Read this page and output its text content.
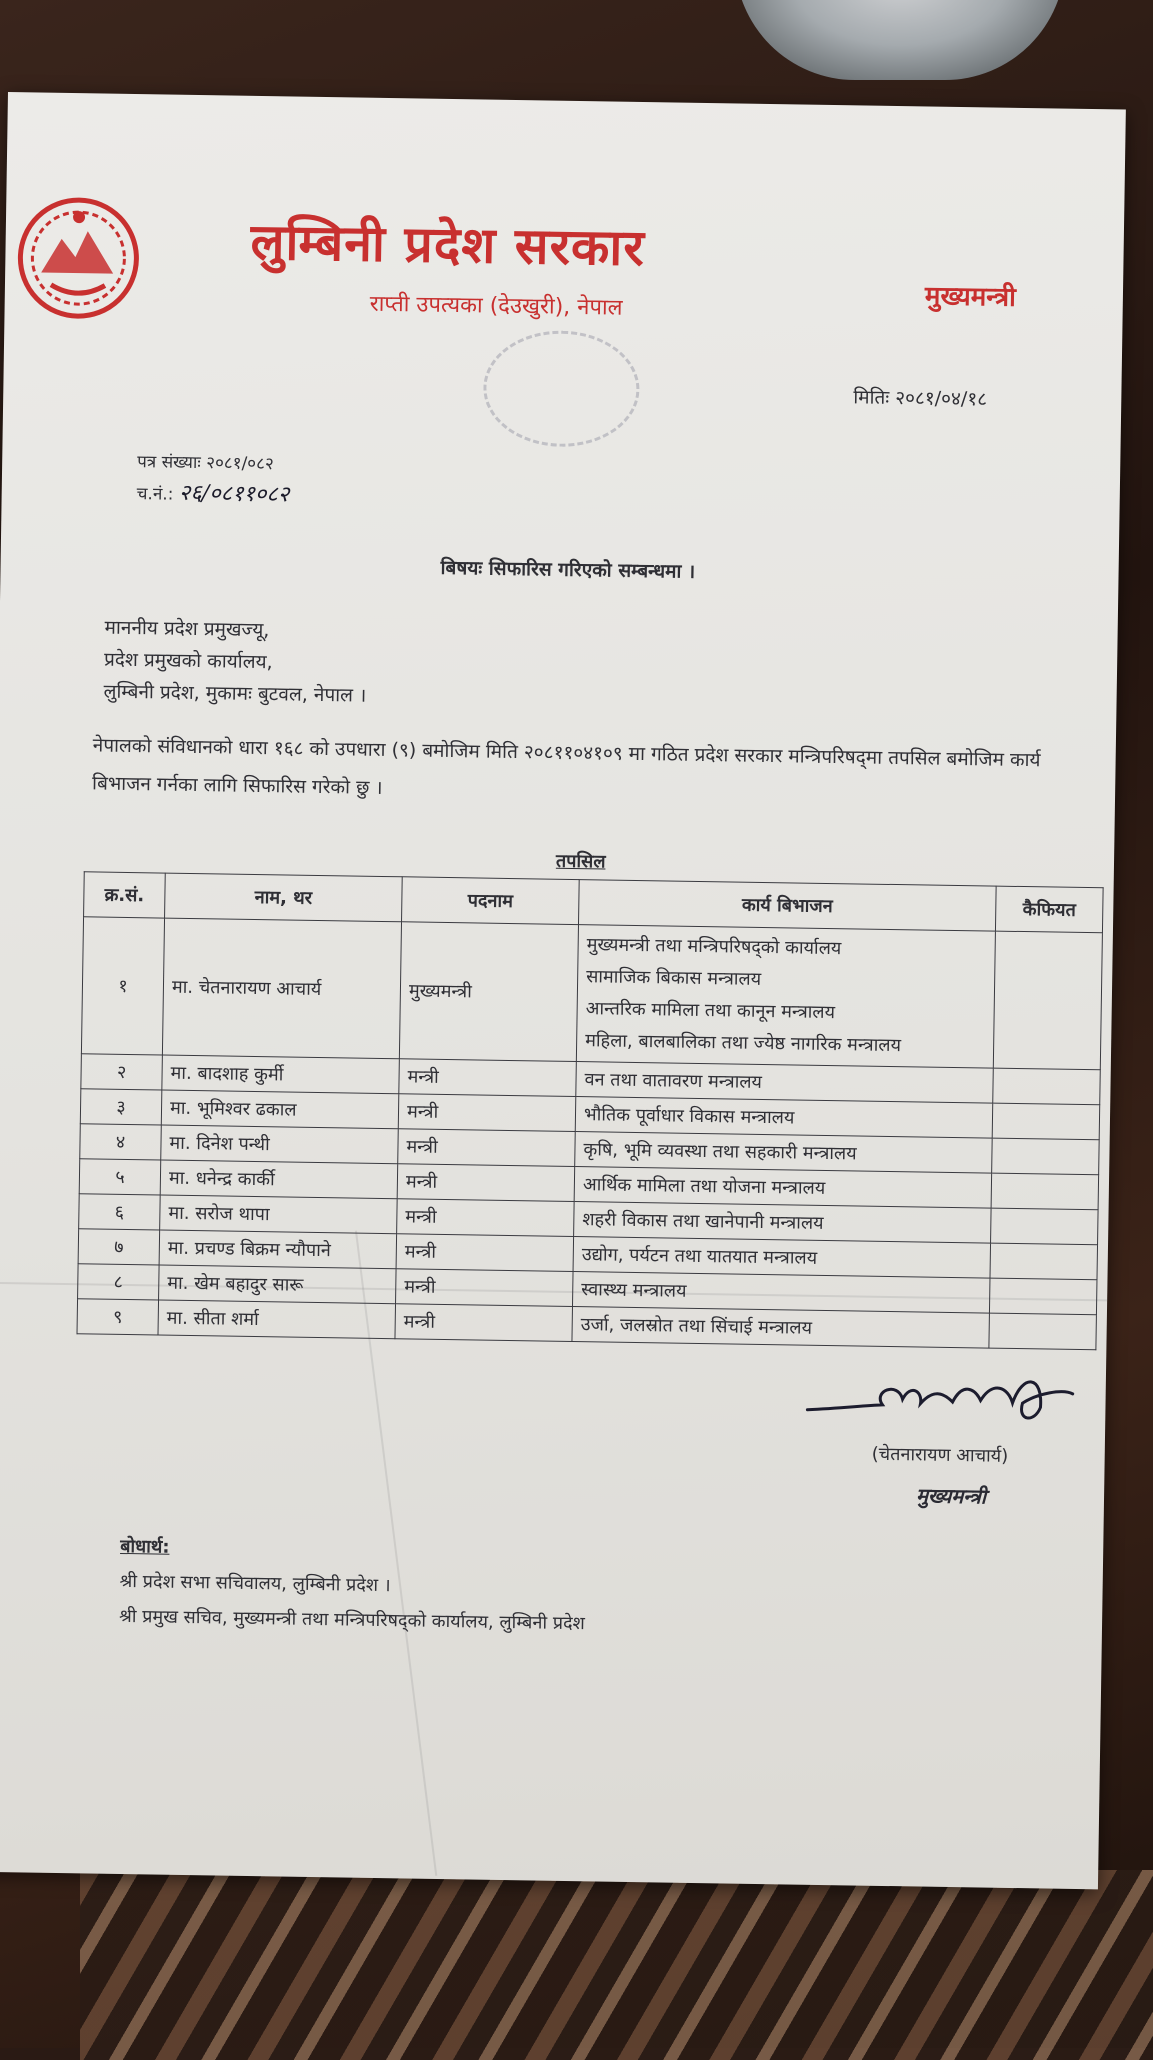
लुम्बिनी प्रदेश सरकार
राप्ती उपत्यका (देउखुरी), नेपाल	मुख्यमन्त्री
मितिः २०८१/०४/१८
पत्र संख्याः २०८१/०८२
च.नं.: २६/०८११०८२
बिषयः सिफारिस गरिएको सम्बन्धमा ।
माननीय प्रदेश प्रमुखज्यू,
प्रदेश प्रमुखको कार्यालय,
लुम्बिनी प्रदेश, मुकामः बुटवल, नेपाल ।
नेपालको संविधानको धारा १६८ को उपधारा (९) बमोजिम मिति २०८११०४१०९ मा गठित प्रदेश सरकार मन्त्रिपरिषद्‌मा तपसिल बमोजिम कार्य बिभाजन गर्नका लागि सिफारिस गरेको छु ।
तपसिल
क्र.सं.	नाम, थर	पदनाम	कार्य बिभाजन	कैफियत
१	मा. चेतनारायण आचार्य	मुख्यमन्त्री	मुख्यमन्त्री तथा मन्त्रिपरिषद्‌को कार्यालय
सामाजिक बिकास मन्त्रालय
आन्तरिक मामिला तथा कानून मन्त्रालय
महिला, बालबालिका तथा ज्येष्ठ नागरिक मन्त्रालय	

२	मा. बादशाह कुर्मी	मन्त्री	वन तथा वातावरण मन्त्रालय	
३	मा. भूमिश्वर ढकाल	मन्त्री	भौतिक पूर्वाधार विकास मन्त्रालय	
४	मा. दिनेश पन्थी	मन्त्री	कृषि, भूमि व्यवस्था तथा सहकारी मन्त्रालय	
५	मा. धनेन्द्र कार्की	मन्त्री	आर्थिक मामिला तथा योजना मन्त्रालय	
६	मा. सरोज थापा	मन्त्री	शहरी विकास तथा खानेपानी मन्त्रालय	
७	मा. प्रचण्ड बिक्रम न्यौपाने	मन्त्री	उद्योग, पर्यटन तथा यातयात मन्त्रालय	
८	मा. खेम बहादुर सारू	मन्त्री	स्वास्थ्य मन्त्रालय	
९	मा. सीता शर्मा	मन्त्री	उर्जा, जलस्रोत तथा सिंचाई मन्त्रालय	
(चेतनारायण आचार्य)
मुख्यमन्त्री
बोधार्थ:
श्री प्रदेश सभा सचिवालय, लुम्बिनी प्रदेश ।
श्री प्रमुख सचिव, मुख्यमन्त्री तथा मन्त्रिपरिषद्‌को कार्यालय, लुम्बिनी प्रदेश
